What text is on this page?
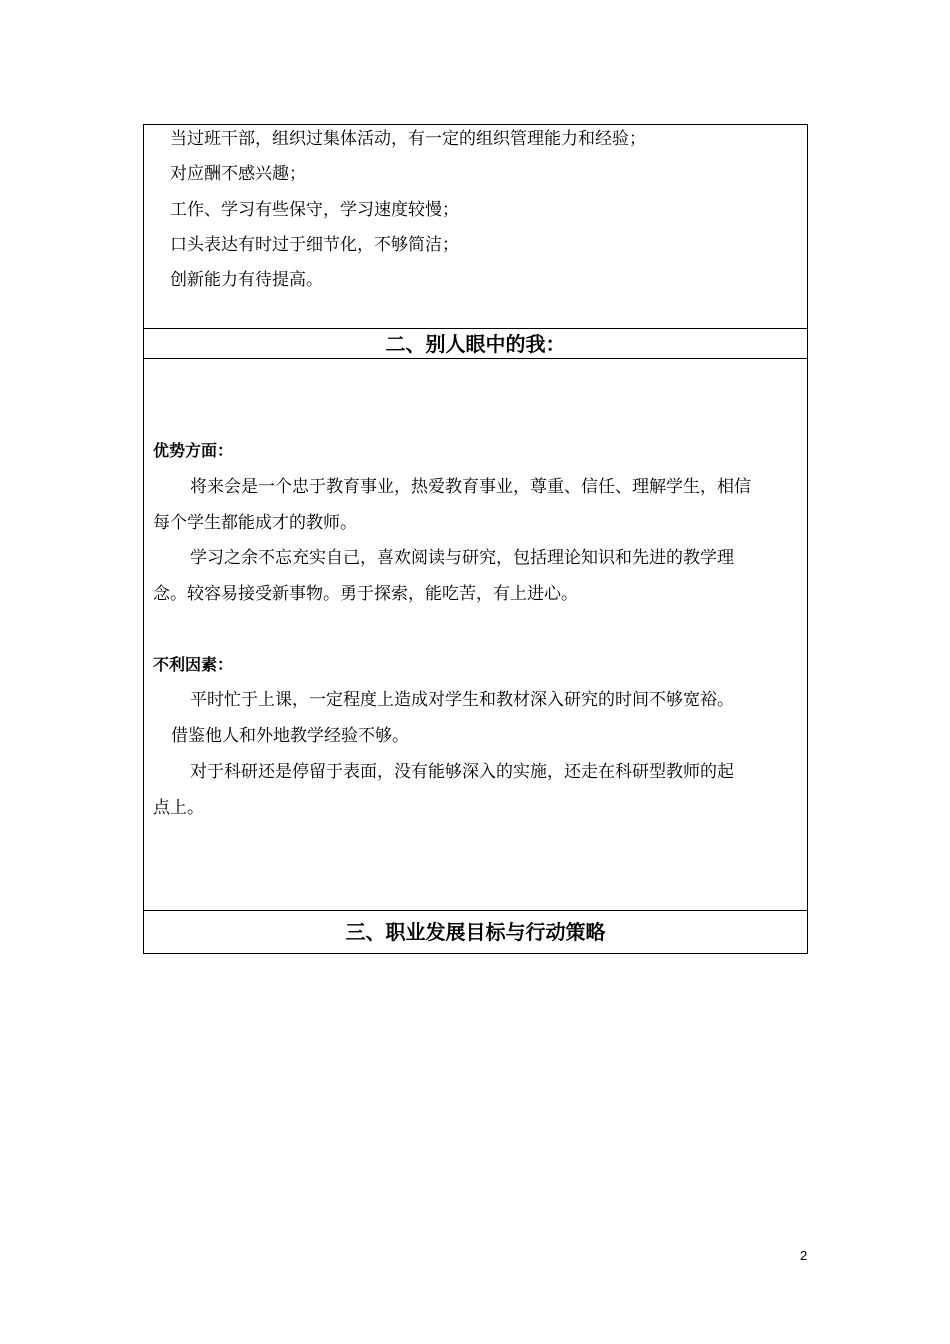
当过班干部，组织过集体活动，有一定的组织管理能力和经验；
对应酬不感兴趣；
工作、学习有些保守，学习速度较慢；
口头表达有时过于细节化，不够简洁；
创新能力有待提高。
二、别人眼中的我：
优势方面：
将来会是一个忠于教育事业，热爱教育事业，尊重、信任、理解学生，相信
每个学生都能成才的教师。
学习之余不忘充实自己，喜欢阅读与研究，包括理论知识和先进的教学理
念。较容易接受新事物。勇于探索，能吃苦，有上进心。
不利因素：
平时忙于上课，一定程度上造成对学生和教材深入研究的时间不够宽裕。
借鉴他人和外地教学经验不够。
对于科研还是停留于表面，没有能够深入的实施，还走在科研型教师的起
点上。
三、职业发展目标与行动策略
2
